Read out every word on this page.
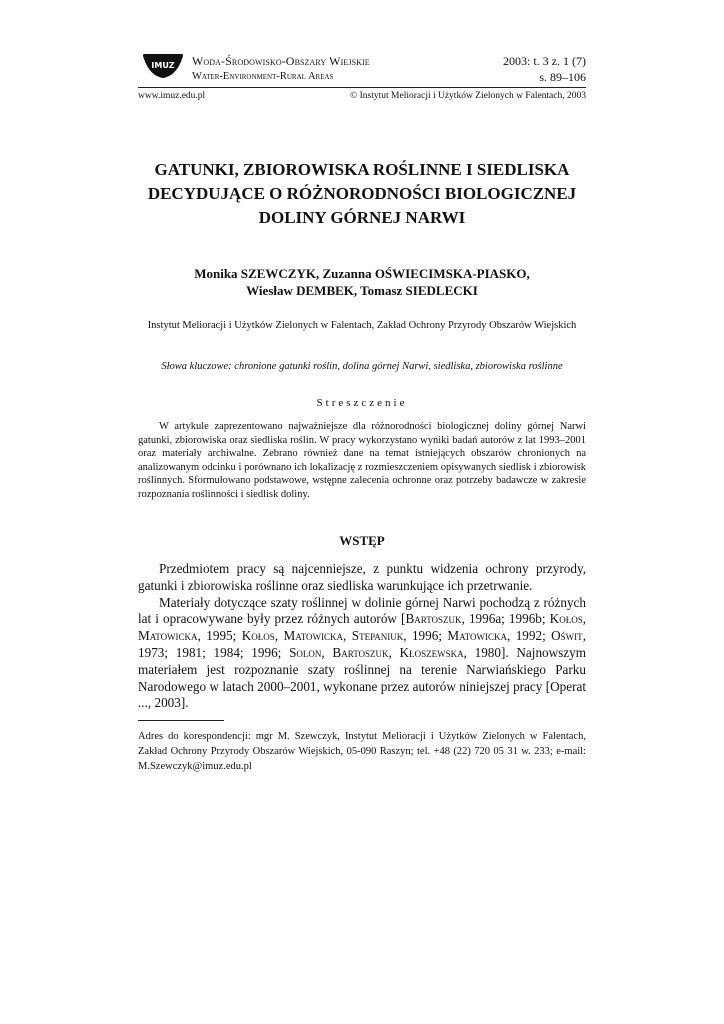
IMUZ Woda-Środowisko-Obszary Wiejskie
Water-Environment-Rural Areas
2003: t. 3 z. 1 (7)
s. 89–106
www.imuz.edu.pl	© Instytut Melioracji i Użytków Zielonych w Falentach, 2003
GATUNKI, ZBIOROWISKA ROŚLINNE I SIEDLISKA
DECYDUJĄCE O RÓŻNORODNOŚCI BIOLOGICZNEJ
DOLINY GÓRNEJ NARWI
Monika SZEWCZYK, Zuzanna OŚWIECIMSKA-PIASKO,
Wiesław DEMBEK, Tomasz SIEDLECKI
Instytut Melioracji i Użytków Zielonych w Falentach, Zakład Ochrony Przyrody Obszarów Wiejskich
Słowa kluczowe: chronione gatunki roślin, dolina górnej Narwi, siedliska, zbiorowiska roślinne
Streszczenie
W artykule zaprezentowano najważniejsze dla różnorodności biologicznej doliny górnej Narwi gatunki, zbiorowiska oraz siedliska roślin. W pracy wykorzystano wyniki badań autorów z lat 1993–2001 oraz materiały archiwalne. Zebrano również dane na temat istniejących obszarów chronionych na analizowanym odcinku i porównano ich lokalizację z rozmieszczeniem opisywanych siedlisk i zbiorowisk roślinnych. Sformułowano podstawowe, wstępne zalecenia ochronne oraz potrzeby badawcze w zakresie rozpoznania roślinności i siedlisk doliny.
WSTĘP

Przedmiotem pracy są najcenniejsze, z punktu widzenia ochrony przyrody, gatunki i zbiorowiska roślinne oraz siedliska warunkujące ich przetrwanie.

Materiały dotyczące szaty roślinnej w dolinie górnej Narwi pochodzą z różnych lat i opracowywane były przez różnych autorów [Bartoszuk, 1996a; 1996b; Kołos, Matowicka, 1995; Kołos, Matowicka, Stepaniuk, 1996; Matowicka, 1992; Oświt, 1973; 1981; 1984; 1996; Solon, Bartoszuk, Kłoszewska, 1980]. Najnowszym materiałem jest rozpoznanie szaty roślinnej na terenie Narwiańskiego Parku Narodowego w latach 2000–2001, wykonane przez autorów niniejszej pracy [Operat ..., 2003].

Adres do korespondencji: mgr M. Szewczyk, Instytut Melioracji i Użytków Zielonych w Falentach, Zakład Ochrony Przyrody Obszarów Wiejskich, 05-090 Raszyn; tel. +48 (22) 720 05 31 w. 233; e-mail: M.Szewczyk@imuz.edu.pl
